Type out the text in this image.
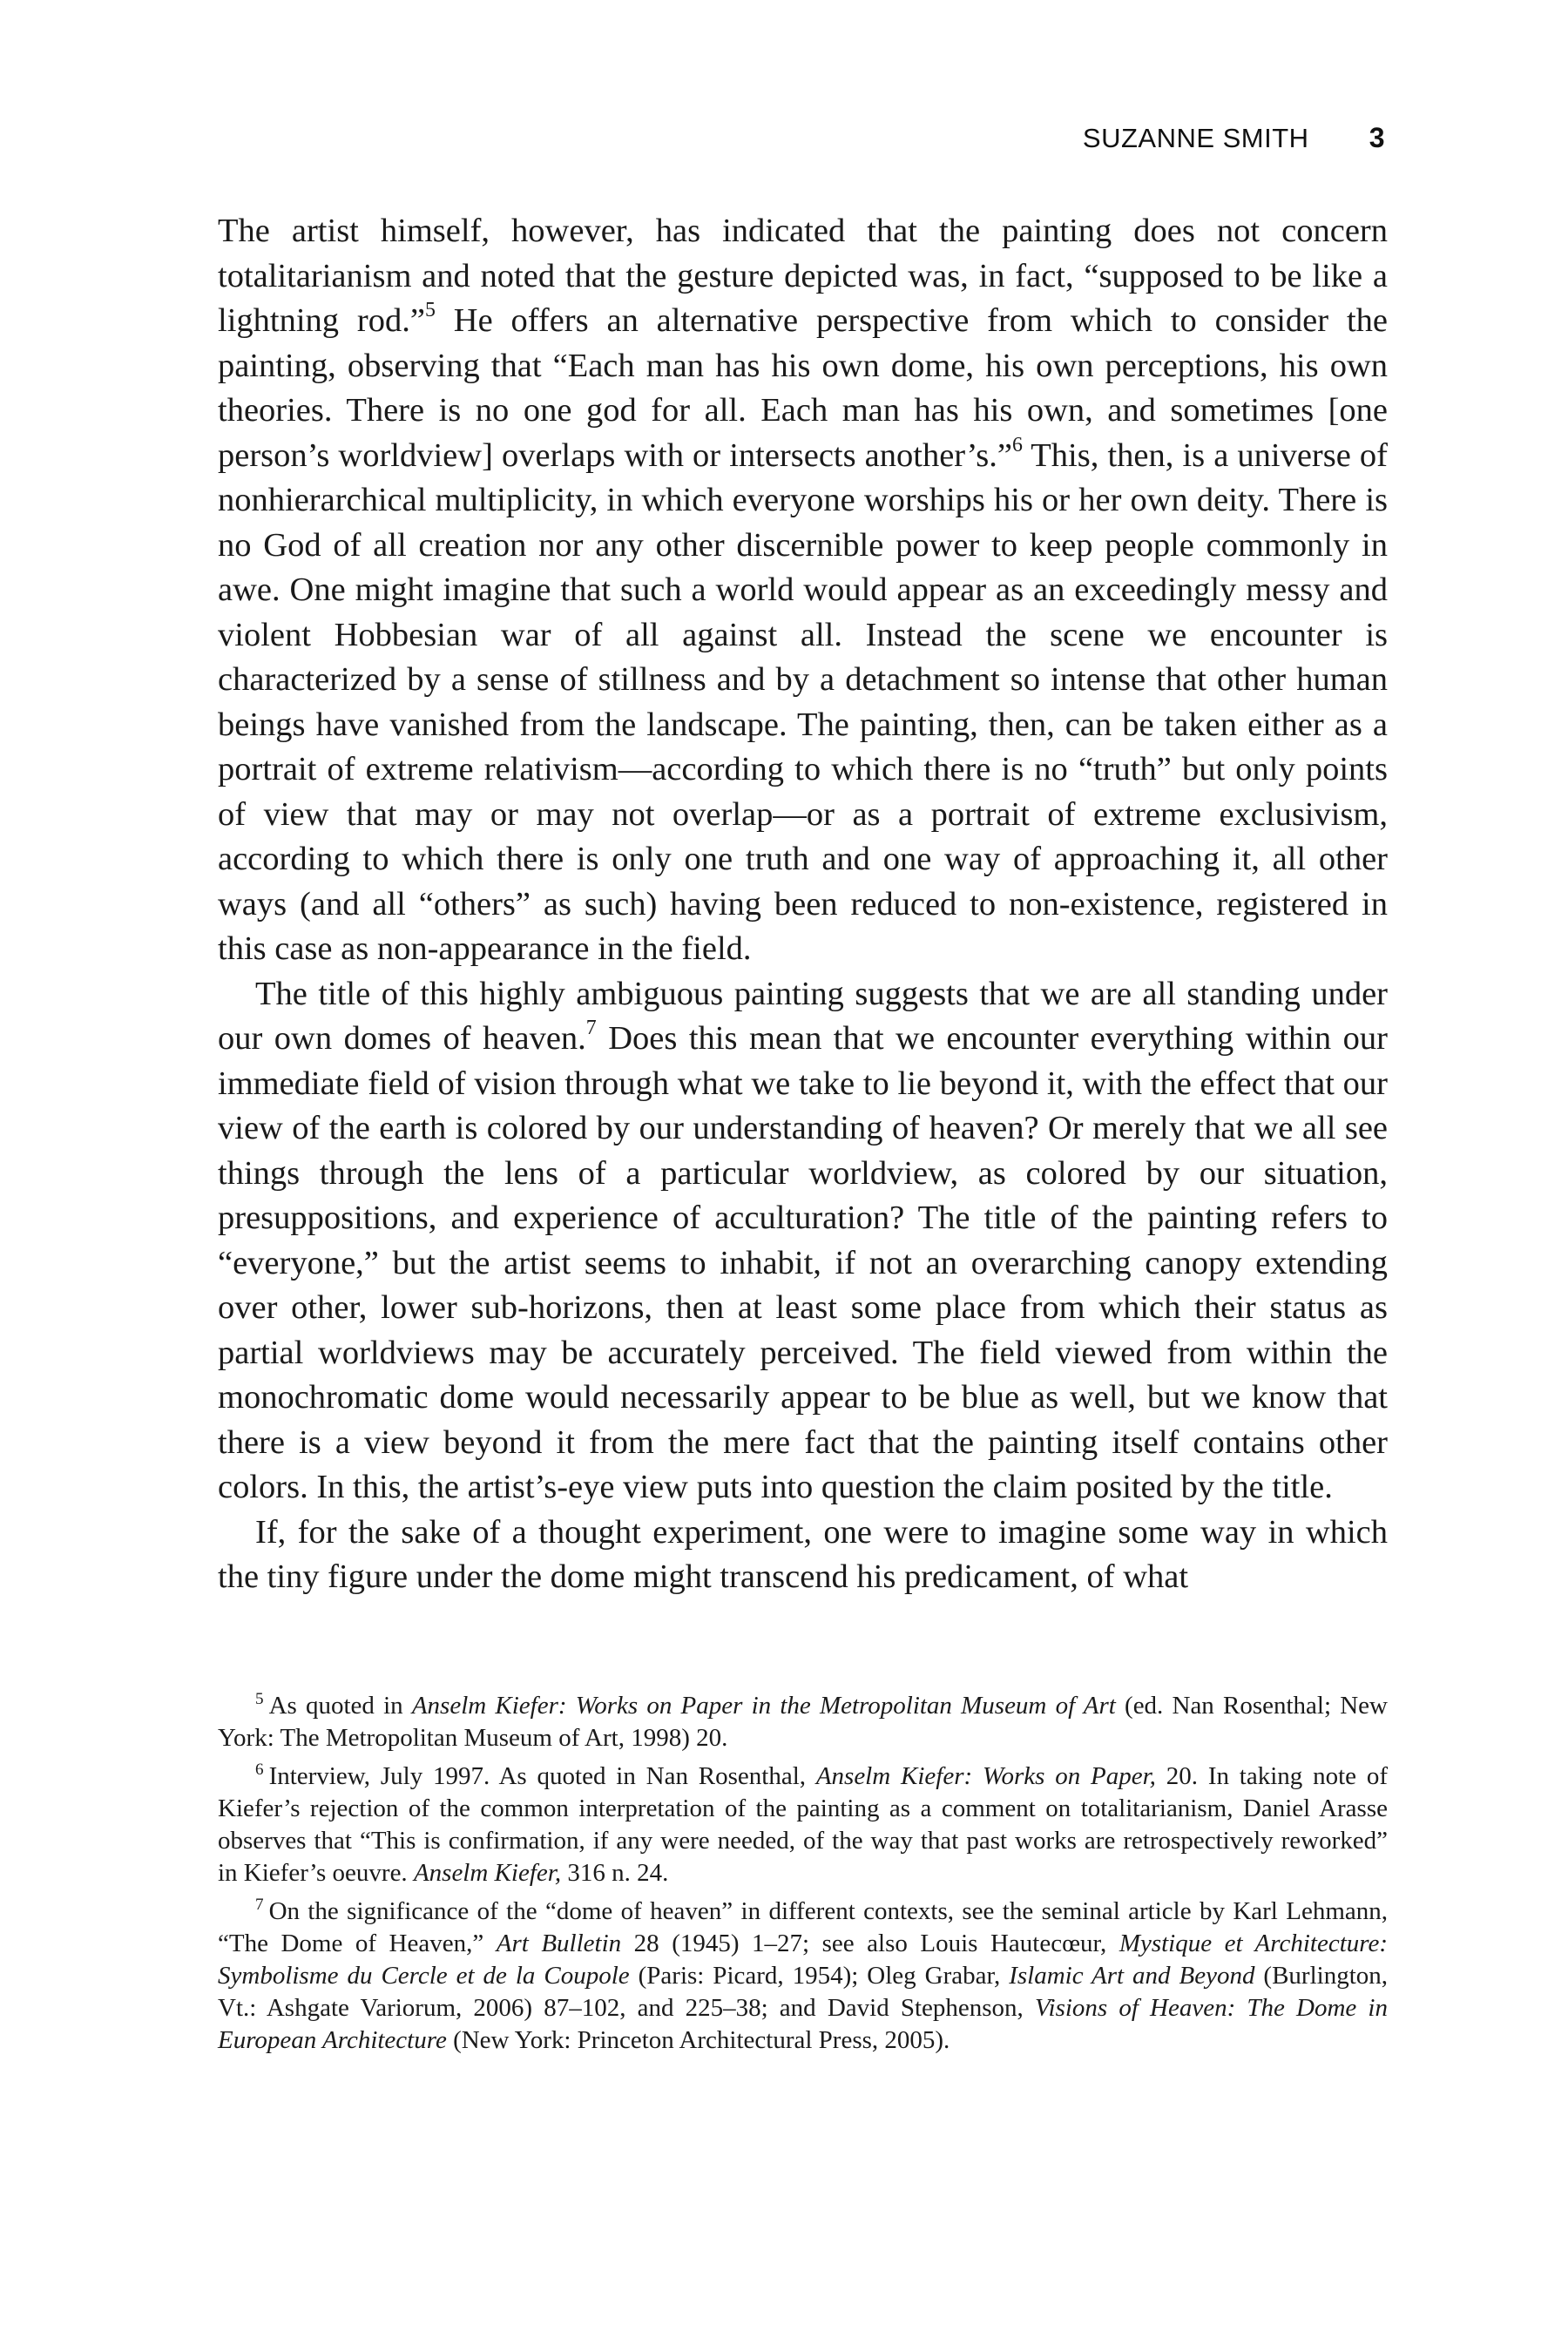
SUZANNE SMITH 3

The artist himself, however, has indicated that the painting does not concern totalitarianism and noted that the gesture depicted was, in fact, “supposed to be like a lightning rod.”$^5$ He offers an alternative perspective from which to consider the painting, observing that “Each man has his own dome, his own perceptions, his own theories. There is no one god for all. Each man has his own, and sometimes [one person’s worldview] overlaps with or intersects another’s.”$^6$ This, then, is a universe of nonhierarchical multiplicity, in which everyone worships his or her own deity. There is no God of all creation nor any other discernible power to keep people commonly in awe. One might imagine that such a world would appear as an exceedingly messy and violent Hobbesian war of all against all. Instead the scene we encounter is characterized by a sense of stillness and by a detachment so intense that other human beings have vanished from the landscape. The painting, then, can be taken either as a portrait of extreme relativism—according to which there is no “truth” but only points of view that may or may not overlap—or as a portrait of extreme exclusivism, according to which there is only one truth and one way of approaching it, all other ways (and all “others” as such) having been reduced to non-existence, registered in this case as non-appearance in the field.

The title of this highly ambiguous painting suggests that we are all standing under our own domes of heaven.$^7$ Does this mean that we encounter everything within our immediate field of vision through what we take to lie beyond it, with the effect that our view of the earth is colored by our understanding of heaven? Or merely that we all see things through the lens of a particular worldview, as colored by our situation, presuppositions, and experience of acculturation? The title of the painting refers to “everyone,” but the artist seems to inhabit, if not an overarching canopy extending over other, lower sub-horizons, then at least some place from which their status as partial worldviews may be accurately perceived. The field viewed from within the monochromatic dome would necessarily appear to be blue as well, but we know that there is a view beyond it from the mere fact that the painting itself contains other colors. In this, the artist’s-eye view puts into question the claim posited by the title.

If, for the sake of a thought experiment, one were to imagine some way in which the tiny figure under the dome might transcend his predicament, of what

$^5$ As quoted in Anselm Kiefer: Works on Paper in the Metropolitan Museum of Art (ed. Nan Rosenthal; New York: The Metropolitan Museum of Art, 1998) 20.

$^6$ Interview, July 1997. As quoted in Nan Rosenthal, Anselm Kiefer: Works on Paper, 20. In taking note of Kiefer’s rejection of the common interpretation of the painting as a comment on totalitarianism, Daniel Arasse observes that “This is confirmation, if any were needed, of the way that past works are retrospectively reworked” in Kiefer’s oeuvre. Anselm Kiefer, 316 n. 24.

$^7$ On the significance of the “dome of heaven” in different contexts, see the seminal article by Karl Lehmann, “The Dome of Heaven,” Art Bulletin 28 (1945) 1–27; see also Louis Hautecœur, Mystique et Architecture: Symbolisme du Cercle et de la Coupole (Paris: Picard, 1954); Oleg Grabar, Islamic Art and Beyond (Burlington, Vt.: Ashgate Variorum, 2006) 87–102, and 225–38; and David Stephenson, Visions of Heaven: The Dome in European Architecture (New York: Princeton Architectural Press, 2005).
